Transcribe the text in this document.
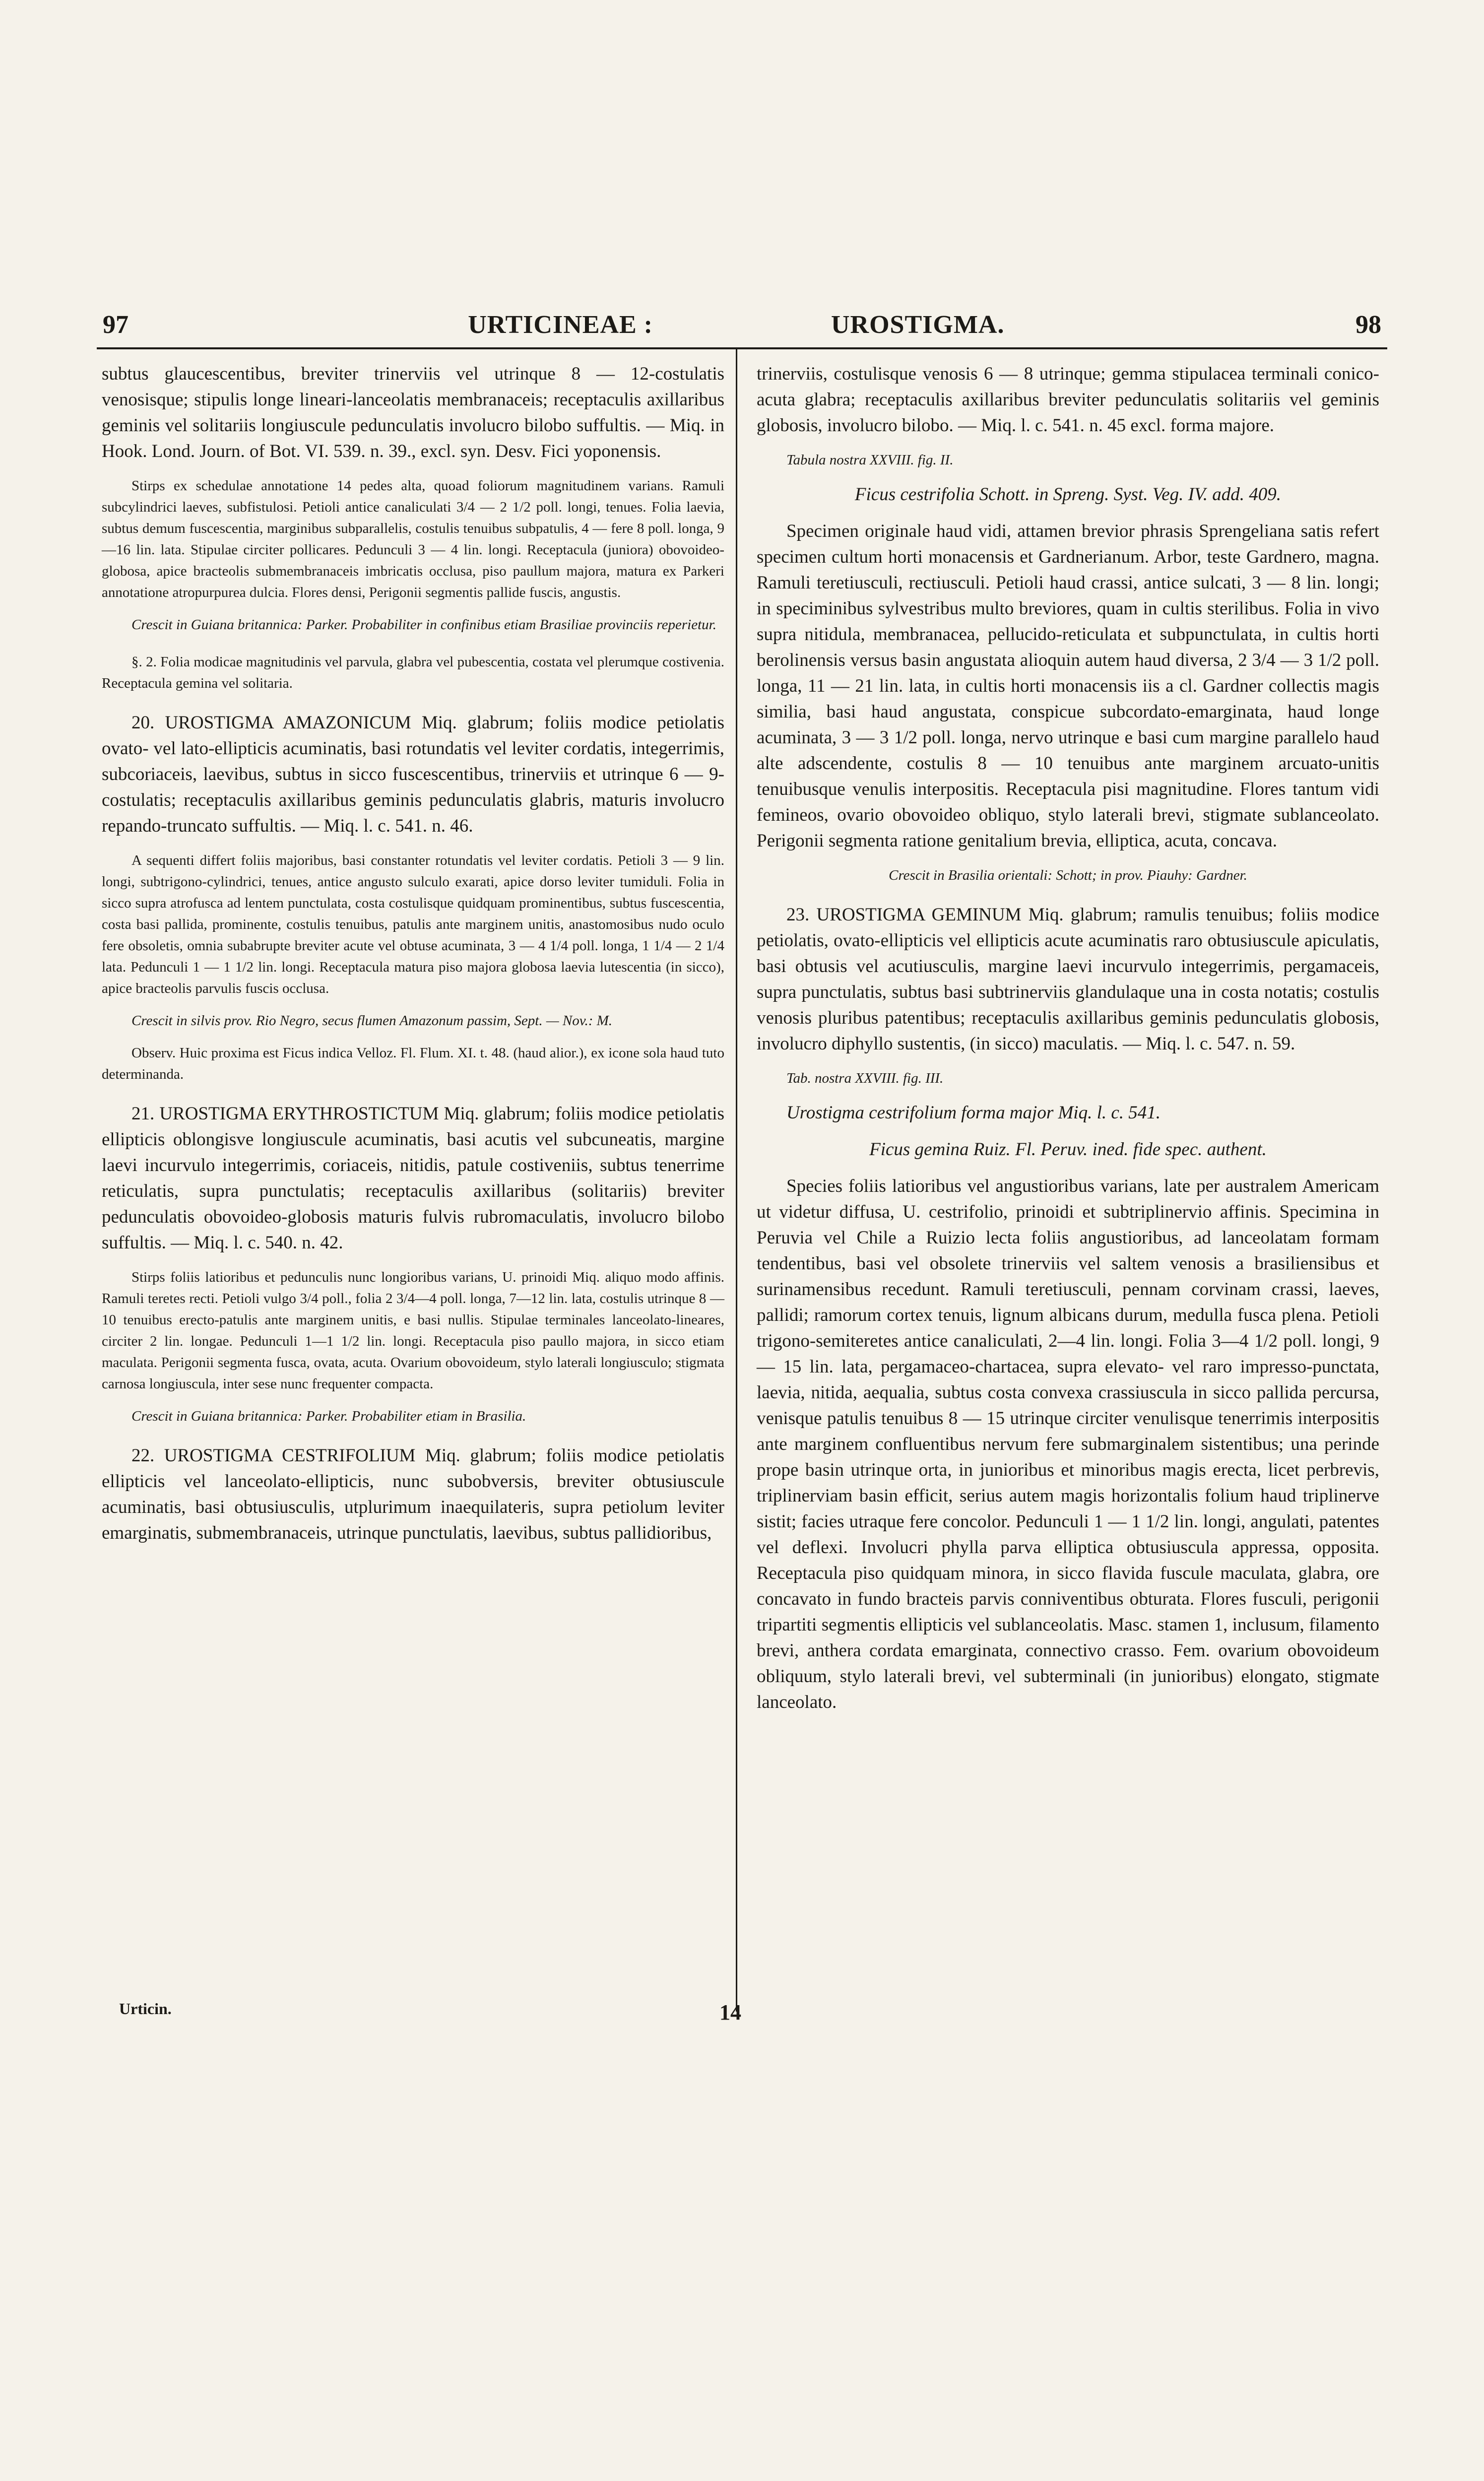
97	URTICINEAE :	UROSTIGMA.	98

subtus glaucescentibus, breviter trinerviis vel utrinque 8 — 12-costulatis venosisque; stipulis longe lineari-lanceolatis membranaceis; receptaculis axillaribus geminis vel solitariis longiuscule pedunculatis involucro bilobo suffultis. — Miq. in Hook. Lond. Journ. of Bot. VI. 539. n. 39., excl. syn. Desv. Fici yoponensis.

Stirps ex schedulae annotatione 14 pedes alta, quoad foliorum magnitudinem varians. Ramuli subcylindrici laeves, subfistulosi. Petioli antice canaliculati 3/4 — 2 1/2 poll. longi, tenues. Folia laevia, subtus demum fuscescentia, marginibus subparallelis, costulis tenuibus subpatulis, 4 — fere 8 poll. longa, 9—16 lin. lata. Stipulae circiter pollicares. Pedunculi 3 — 4 lin. longi. Receptacula (juniora) obovoideo-globosa, apice bracteolis submembranaceis imbricatis occlusa, piso paullum majora, matura ex Parkeri annotatione atropurpurea dulcia. Flores densi, Perigonii segmentis pallide fuscis, angustis.

Crescit in Guiana britannica: Parker. Probabiliter in confinibus etiam Brasiliae provinciis reperietur.

§. 2. Folia modicae magnitudinis vel parvula, glabra vel pubescentia, costata vel plerumque costivenia. Receptacula gemina vel solitaria.

20. UROSTIGMA AMAZONICUM Miq. glabrum; foliis modice petiolatis ovato- vel lato-ellipticis acuminatis, basi rotundatis vel leviter cordatis, integerrimis, subcoriaceis, laevibus, subtus in sicco fuscescentibus, trinerviis et utrinque 6 — 9-costulatis; receptaculis axillaribus geminis pedunculatis glabris, maturis involucro repando-truncato suffultis. — Miq. l. c. 541. n. 46.

A sequenti differt foliis majoribus, basi constanter rotundatis vel leviter cordatis. Petioli 3 — 9 lin. longi, subtrigono-cylindrici, tenues, antice angusto sulculo exarati, apice dorso leviter tumiduli. Folia in sicco supra atrofusca ad lentem punctulata, costa costulisque quidquam prominentibus, subtus fuscescentia, costa basi pallida, prominente, costulis tenuibus, patulis ante marginem unitis, anastomosibus nudo oculo fere obsoletis, omnia subabrupte breviter acute vel obtuse acuminata, 3 — 4 1/4 poll. longa, 1 1/4 — 2 1/4 lata. Pedunculi 1 — 1 1/2 lin. longi. Receptacula matura piso majora globosa laevia lutescentia (in sicco), apice bracteolis parvulis fuscis occlusa.

Crescit in silvis prov. Rio Negro, secus flumen Amazonum passim, Sept. — Nov.: M.

Observ. Huic proxima est Ficus indica Velloz. Fl. Flum. XI. t. 48. (haud alior.), ex icone sola haud tuto determinanda.

21. UROSTIGMA ERYTHROSTICTUM Miq. glabrum; foliis modice petiolatis ellipticis oblongisve longiuscule acuminatis, basi acutis vel subcuneatis, margine laevi incurvulo integerrimis, coriaceis, nitidis, patule costiveniis, subtus tenerrime reticulatis, supra punctulatis; receptaculis axillaribus (solitariis) breviter pedunculatis obovoideo-globosis maturis fulvis rubromaculatis, involucro bilobo suffultis. — Miq. l. c. 540. n. 42.

Stirps foliis latioribus et pedunculis nunc longioribus varians, U. prinoidi Miq. aliquo modo affinis. Ramuli teretes recti. Petioli vulgo 3/4 poll., folia 2 3/4—4 poll. longa, 7—12 lin. lata, costulis utrinque 8 — 10 tenuibus erecto-patulis ante marginem unitis, e basi nullis. Stipulae terminales lanceolato-lineares, circiter 2 lin. longae. Pedunculi 1—1 1/2 lin. longi. Receptacula piso paullo majora, in sicco etiam maculata. Perigonii segmenta fusca, ovata, acuta. Ovarium obovoideum, stylo laterali longiusculo; stigmata carnosa longiuscula, inter sese nunc frequenter compacta.

Crescit in Guiana britannica: Parker. Probabiliter etiam in Brasilia.

22. UROSTIGMA CESTRIFOLIUM Miq. glabrum; foliis modice petiolatis ellipticis vel lanceolato-ellipticis, nunc subobversis, breviter obtusiuscule acuminatis, basi obtusiusculis, utplurimum inaequilateris, supra petiolum leviter emarginatis, submembranaceis, utrinque punctulatis, laevibus, subtus pallidioribus,

trinerviis, costulisque venosis 6 — 8 utrinque; gemma stipulacea terminali conico-acuta glabra; receptaculis axillaribus breviter pedunculatis solitariis vel geminis globosis, involucro bilobo. — Miq. l. c. 541. n. 45 excl. forma majore.

Tabula nostra XXVIII. fig. II.

Ficus cestrifolia Schott. in Spreng. Syst. Veg. IV. add. 409.

Specimen originale haud vidi, attamen brevior phrasis Sprengeliana satis refert specimen cultum horti monacensis et Gardnerianum. Arbor, teste Gardnero, magna. Ramuli teretiusculi, rectiusculi. Petioli haud crassi, antice sulcati, 3 — 8 lin. longi; in speciminibus sylvestribus multo breviores, quam in cultis sterilibus. Folia in vivo supra nitidula, membranacea, pellucido-reticulata et subpunctulata, in cultis horti berolinensis versus basin angustata alioquin autem haud diversa, 2 3/4 — 3 1/2 poll. longa, 11 — 21 lin. lata, in cultis horti monacensis iis a cl. Gardner collectis magis similia, basi haud angustata, conspicue subcordato-emarginata, haud longe acuminata, 3 — 3 1/2 poll. longa, nervo utrinque e basi cum margine parallelo haud alte adscendente, costulis 8 — 10 tenuibus ante marginem arcuato-unitis tenuibusque venulis interpositis. Receptacula pisi magnitudine. Flores tantum vidi femineos, ovario obovoideo obliquo, stylo laterali brevi, stigmate sublanceolato. Perigonii segmenta ratione genitalium brevia, elliptica, acuta, concava.

Crescit in Brasilia orientali: Schott; in prov. Piauhy: Gardner.

23. UROSTIGMA GEMINUM Miq. glabrum; ramulis tenuibus; foliis modice petiolatis, ovato-ellipticis vel ellipticis acute acuminatis raro obtusiuscule apiculatis, basi obtusis vel acutiusculis, margine laevi incurvulo integerrimis, pergamaceis, supra punctulatis, subtus basi subtrinerviis glandulaque una in costa notatis; costulis venosis pluribus patentibus; receptaculis axillaribus geminis pedunculatis globosis, involucro diphyllo sustentis, (in sicco) maculatis. — Miq. l. c. 547. n. 59.

Tab. nostra XXVIII. fig. III.

Urostigma cestrifolium forma major Miq. l. c. 541.

Ficus gemina Ruiz. Fl. Peruv. ined. fide spec. authent.

Species foliis latioribus vel angustioribus varians, late per australem Americam ut videtur diffusa, U. cestrifolio, prinoidi et subtriplinervio affinis. Specimina in Peruvia vel Chile a Ruizio lecta foliis angustioribus, ad lanceolatam formam tendentibus, basi vel obsolete trinerviis vel saltem venosis a brasiliensibus et surinamensibus recedunt. Ramuli teretiusculi, pennam corvinam crassi, laeves, pallidi; ramorum cortex tenuis, lignum albicans durum, medulla fusca plena. Petioli trigono-semiteretes antice canaliculati, 2—4 lin. longi. Folia 3—4 1/2 poll. longi, 9 — 15 lin. lata, pergamaceo-chartacea, supra elevato- vel raro impresso-punctata, laevia, nitida, aequalia, subtus costa convexa crassiuscula in sicco pallida percursa, venisque patulis tenuibus 8 — 15 utrinque circiter venulisque tenerrimis interpositis ante marginem confluentibus nervum fere submarginalem sistentibus; una perinde prope basin utrinque orta, in junioribus et minoribus magis erecta, licet perbrevis, triplinerviam basin efficit, serius autem magis horizontalis folium haud triplinerve sistit; facies utraque fere concolor. Pedunculi 1 — 1 1/2 lin. longi, angulati, patentes vel deflexi. Involucri phylla parva elliptica obtusiuscula appressa, opposita. Receptacula piso quidquam minora, in sicco flavida fuscule maculata, glabra, ore concavato in fundo bracteis parvis conniventibus obturata. Flores fusculi, perigonii tripartiti segmentis ellipticis vel sublanceolatis. Masc. stamen 1, inclusum, filamento brevi, anthera cordata emarginata, connectivo crasso. Fem. ovarium obovoideum obliquum, stylo laterali brevi, vel subterminali (in junioribus) elongato, stigmate lanceolato.

Urticin.	14
